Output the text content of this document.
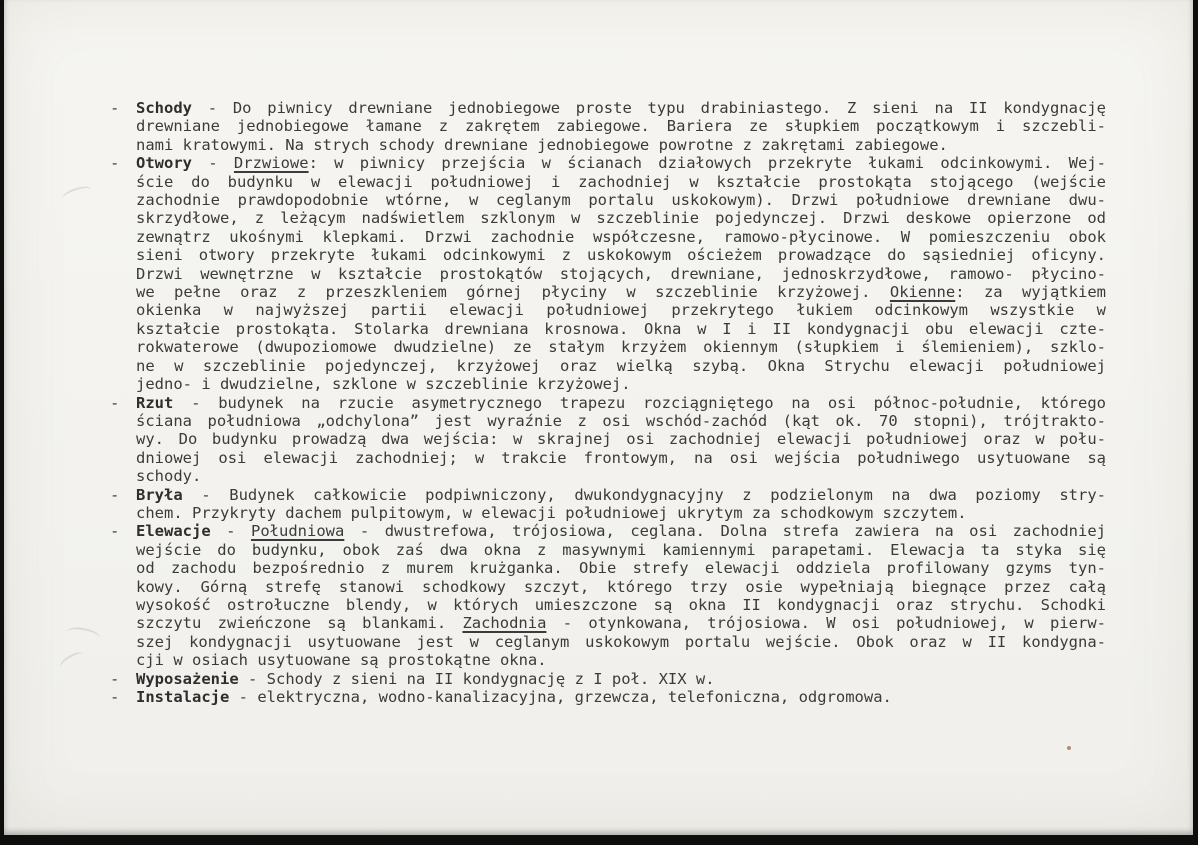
-	Schody - Do piwnicy drewniane jednobiegowe proste typu drabiniastego. Z sieni na II kondygnację
drewniane jednobiegowe łamane z zakrętem zabiegowe. Bariera ze słupkiem początkowym i szczebli-
nami kratowymi. Na strych schody drewniane jednobiegowe powrotne z zakrętami zabiegowe.
-	Otwory - Drzwiowe: w piwnicy przejścia w ścianach działowych przekryte łukami odcinkowymi. Wej-
ście do budynku w elewacji południowej i zachodniej w kształcie prostokąta stojącego (wejście
zachodnie prawdopodobnie wtórne, w ceglanym portalu uskokowym). Drzwi południowe drewniane dwu-
skrzydłowe, z leżącym nadświetlem szklonym w szczeblinie pojedynczej. Drzwi deskowe opierzone od
zewnątrz ukośnymi klepkami. Drzwi zachodnie współczesne, ramowo-płycinowe. W pomieszczeniu obok
sieni otwory przekryte łukami odcinkowymi z uskokowym ościeżem prowadzące do sąsiedniej oficyny.
Drzwi wewnętrzne w kształcie prostokątów stojących, drewniane, jednoskrzydłowe, ramowo- płycino-
we pełne oraz z przeszkleniem górnej płyciny w szczeblinie krzyżowej. Okienne: za wyjątkiem
okienka w najwyższej partii elewacji południowej przekrytego łukiem odcinkowym wszystkie w
kształcie prostokąta. Stolarka drewniana krosnowa. Okna w I i II kondygnacji obu elewacji czte-
rokwaterowe (dwupoziomowe dwudzielne) ze stałym krzyżem okiennym (słupkiem i ślemieniem), szklo-
ne w szczeblinie pojedynczej, krzyżowej oraz wielką szybą. Okna Strychu elewacji południowej
jedno- i dwudzielne, szklone w szczeblinie krzyżowej.
-	Rzut - budynek na rzucie asymetrycznego trapezu rozciągniętego na osi północ-południe, którego
ściana południowa „odchylona” jest wyraźnie z osi wschód-zachód (kąt ok. 70 stopni), trójtrakto-
wy. Do budynku prowadzą dwa wejścia: w skrajnej osi zachodniej elewacji południowej oraz w połu-
dniowej osi elewacji zachodniej; w trakcie frontowym, na osi wejścia południwego usytuowane są
schody.
-	Bryła - Budynek całkowicie podpiwniczony, dwukondygnacyjny z podzielonym na dwa poziomy stry-
chem. Przykryty dachem pulpitowym, w elewacji południowej ukrytym za schodkowym szczytem.
-	Elewacje - Południowa - dwustrefowa, trójosiowa, ceglana. Dolna strefa zawiera na osi zachodniej
wejście do budynku, obok zaś dwa okna z masywnymi kamiennymi parapetami. Elewacja ta styka się
od zachodu bezpośrednio z murem krużganka. Obie strefy elewacji oddziela profilowany gzyms tyn-
kowy. Górną strefę stanowi schodkowy szczyt, którego trzy osie wypełniają biegnące przez całą
wysokość ostrołuczne blendy, w których umieszczone są okna II kondygnacji oraz strychu. Schodki
szczytu zwieńczone są blankami. Zachodnia - otynkowana, trójosiowa. W osi południowej, w pierw-
szej kondygnacji usytuowane jest w ceglanym uskokowym portalu wejście. Obok oraz w II kondygna-
cji w osiach usytuowane są prostokątne okna.
-	Wyposażenie - Schody z sieni na II kondygnację z I poł. XIX w.
-	Instalacje - elektryczna, wodno-kanalizacyjna, grzewcza, telefoniczna, odgromowa.
